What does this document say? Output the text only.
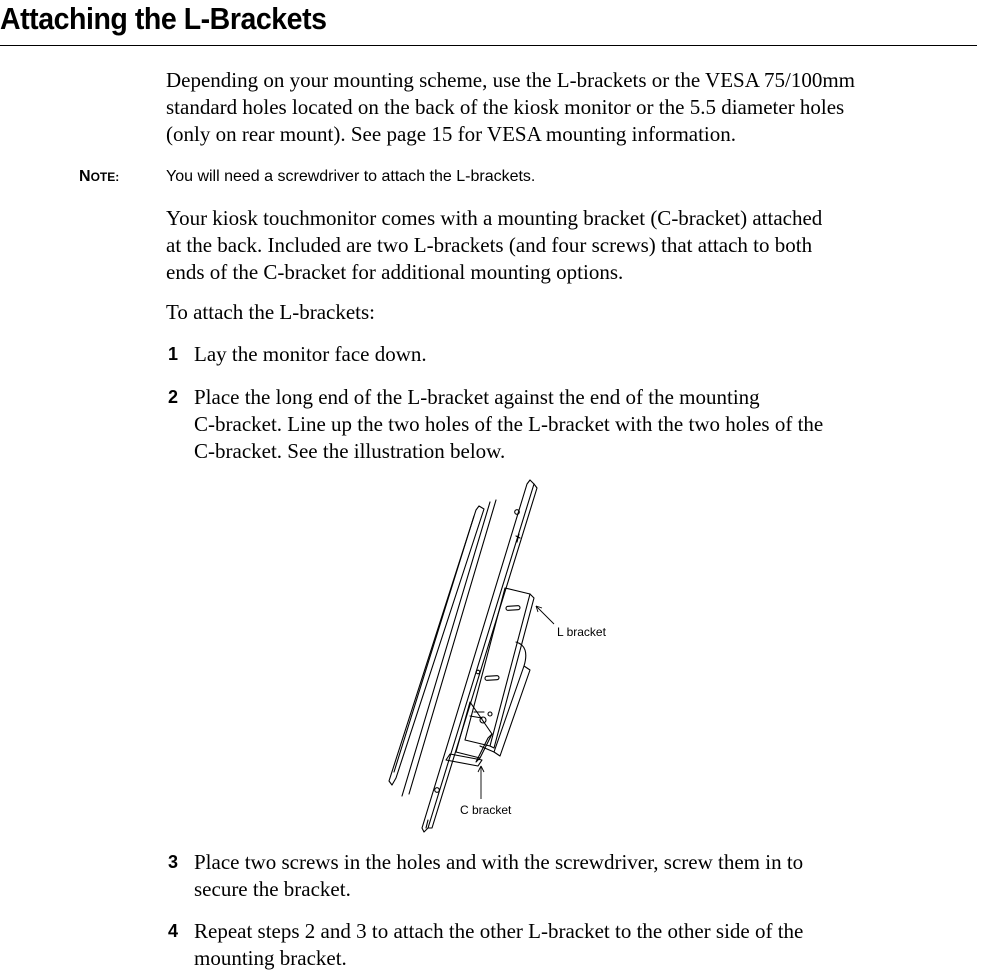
Attaching the L-Brackets

Depending on your mounting scheme, use the L-brackets or the VESA 75/100mm

standard holes located on the back of the kiosk monitor or the 5.5 diameter holes

(only on rear mount). See page 15 for VESA mounting information.

NOTE:	You will need a screwdriver to attach the L-brackets.

Your kiosk touchmonitor comes with a mounting bracket (C-bracket) attached

at the back. Included are two L-brackets (and four screws) that attach to both

ends of the C-bracket for additional mounting options.

To attach the L-brackets:

1 Lay the monitor face down.

2 Place the long end of the L-bracket against the end of the mounting

C-bracket. Line up the two holes of the L-bracket with the two holes of the

C-bracket. See the illustration below.

L bracket
C bracket
3 Place two screws in the holes and with the screwdriver, screw them in to

secure the bracket.

4 Repeat steps 2 and 3 to attach the other L-bracket to the other side of the

mounting bracket.
